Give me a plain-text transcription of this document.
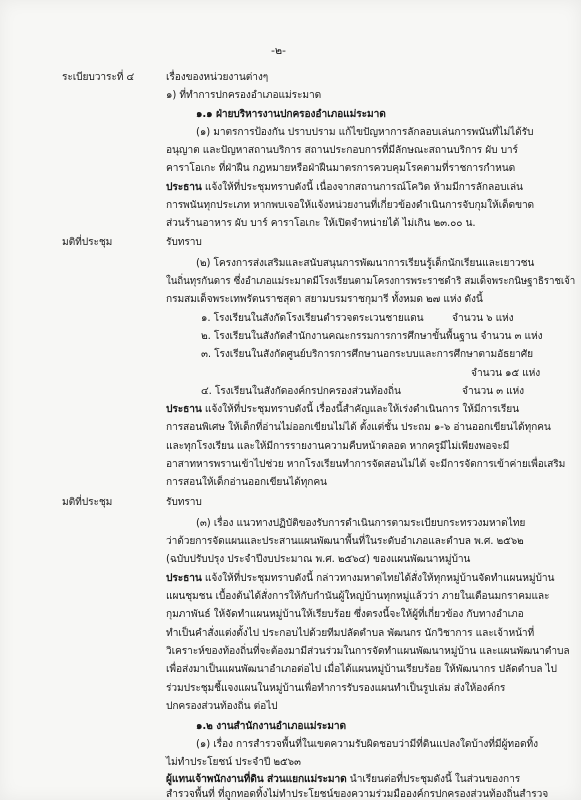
-๒-
ระเบียบวาระที่ ๔	เรื่องของหน่วยงานต่างๆ
๑) ที่ทำการปกครองอำเภอแม่ระมาด
๑.๑ ฝ่ายบริหารงานปกครองอำเภอแม่ระมาด
(๑) มาตรการป้องกัน ปราบปราม แก้ไขปัญหาการลักลอบเล่นการพนันที่ไม่ได้รับ
อนุญาต และปัญหาสถานบริการ สถานประกอบการที่มีลักษณะสถานบริการ ผับ บาร์
คาราโอเกะ ที่ฝ่าฝืน กฎหมายหรือฝ่าฝืนมาตรการควบคุมโรคตามที่ราชการกำหนด
ประธาน แจ้งให้ที่ประชุมทราบดังนี้ เนื่องจากสถานการณ์โควิด ห้ามมีการลักลอบเล่น
การพนันทุกประเภท หากพบเจอให้แจ้งหน่วยงานที่เกี่ยวข้องดำเนินการจับกุมให้เด็ดขาด
ส่วนร้านอาหาร ผับ บาร์ คาราโอเกะ ให้เปิดจำหน่ายได้ ไม่เกิน ๒๓.๐๐ น.
มติที่ประชุม	รับทราบ
(๒) โครงการส่งเสริมและสนับสนุนการพัฒนาการเรียนรู้เด็กนักเรียนและเยาวชน
ในถิ่นทุรกันดาร ซึ่งอำเภอแม่ระมาดมีโรงเรียนตามโครงการพระราชดำริ สมเด็จพระกนิษฐาธิราชเจ้า
กรมสมเด็จพระเทพรัตนราชสุดา สยามบรมราชกุมารี ทั้งหมด ๒๗ แห่ง ดังนี้
๑. โรงเรียนในสังกัดโรงเรียนตำรวจตระเวนชายแดน	จำนวน ๖ แห่ง
๒. โรงเรียนในสังกัดสำนักงานคณะกรรมการการศึกษาขั้นพื้นฐาน จำนวน ๓ แห่ง
๓. โรงเรียนในสังกัดศูนย์บริการการศึกษานอกระบบและการศึกษาตามอัธยาศัย
จำนวน ๑๕ แห่ง
๔. โรงเรียนในสังกัดองค์กรปกครองส่วนท้องถิ่น	จำนวน ๓ แห่ง
ประธาน แจ้งให้ที่ประชุมทราบดังนี้ เรื่องนี้สำคัญและให้เร่งดำเนินการ ให้มีการเรียน
การสอนพิเศษ ให้เด็กที่อ่านไม่ออกเขียนไม่ได้ ตั้งแต่ชั้น ประถม ๑-๖ อ่านออกเขียนได้ทุกคน
และทุกโรงเรียน และให้มีการรายงานความคืบหน้าตลอด หากครูมีไม่เพียงพอจะมี
อาสาทหารพรานเข้าไปช่วย หากโรงเรียนทำการจัดสอนไม่ได้ จะมีการจัดการเข้าค่ายเพื่อเสริม
การสอนให้เด็กอ่านออกเขียนได้ทุกคน
มติที่ประชุม	รับทราบ
(๓) เรื่อง แนวทางปฏิบัติของรับการดำเนินการตามระเบียบกระทรวงมหาดไทย
ว่าด้วยการจัดแผนและประสานแผนพัฒนาพื้นที่ในระดับอำเภอและตำบล พ.ศ. ๒๕๖๒
(ฉบับปรับปรุง ประจำปีงบประมาณ พ.ศ. ๒๕๖๔) ของแผนพัฒนาหมู่บ้าน
ประธาน แจ้งให้ที่ประชุมทราบดังนี้ กล่าวทางมหาดไทยได้สั่งให้ทุกหมู่บ้านจัดทำแผนหมู่บ้าน
แผนชุมชน เบื้องต้นได้สั่งการให้กับกำนันผู้ใหญ่บ้านทุกหมู่แล้วว่า ภายในเดือนมกราคมและ
กุมภาพันธ์ ให้จัดทำแผนหมู่บ้านให้เรียบร้อย ซึ่งตรงนี้จะให้ผู้ที่เกี่ยวข้อง กับทางอำเภอ
ทำเป็นคำสั่งแต่งตั้งไป ประกอบไปด้วยทีมปลัดตำบล พัฒนกร นักวิชาการ และเจ้าหน้าที่
วิเคราะห์ของท้องถิ่นที่จะต้องมามีส่วนร่วมในการจัดทำแผนพัฒนาหมู่บ้าน และแผนพัฒนาตำบล
เพื่อส่งมาเป็นแผนพัฒนาอำเภอต่อไป เมื่อได้แผนหมู่บ้านเรียบร้อย ให้พัฒนากร ปลัดตำบล ไป
ร่วมประชุมชี้แจงแผนในหมู่บ้านเพื่อทำการรับรองแผนทำเป็นรูปเล่ม ส่งให้องค์กร
ปกครองส่วนท้องถิ่น ต่อไป
๑.๒ งานสำนักงานอำเภอแม่ระมาด
(๑) เรื่อง การสำรวจพื้นที่ในเขตความรับผิดชอบว่ามีที่ดินแปลงใดบ้างที่มีผู้ทอดทิ้ง
ไม่ทำประโยชน์ ประจำปี ๒๕๖๓
ผู้แทนเจ้าพนักงานที่ดิน ส่วนแยกแม่ระมาด นำเรียนต่อที่ประชุมดังนี้ ในส่วนของการ
สำรวจพื้นที่ ที่ถูกทอดทิ้งไม่ทำประโยชน์ของความร่วมมือองค์กรปกครองส่วนท้องถิ่นสำรวจ
